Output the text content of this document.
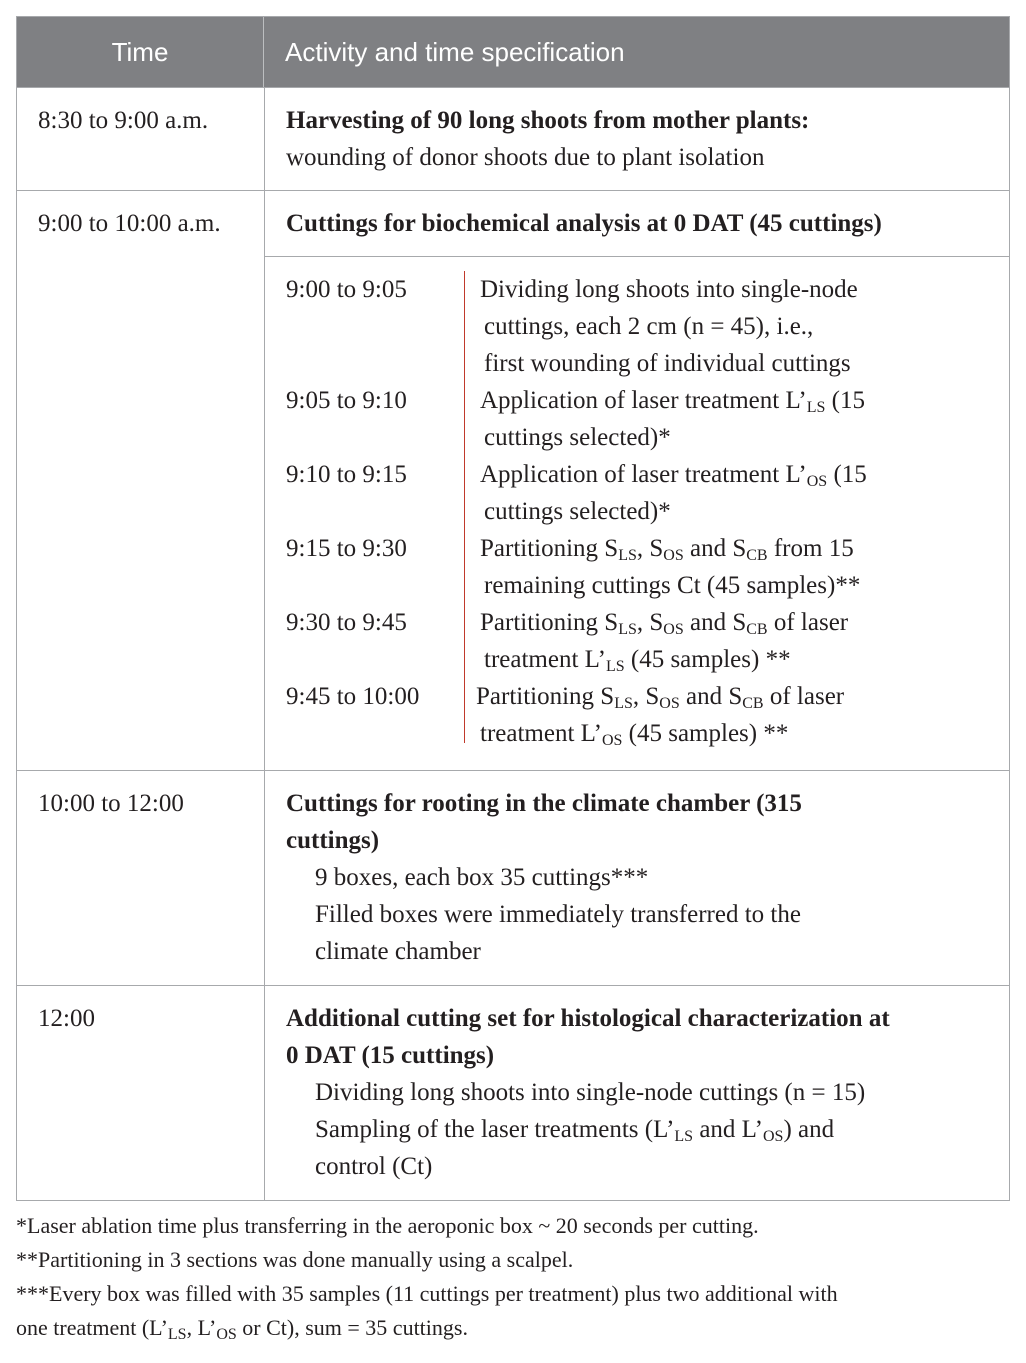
Time	Activity and time specification
8:30 to 9:00 a.m.	Harvesting of 90 long shoots from mother plants:
wounding of donor shoots due to plant isolation
9:00 to 10:00 a.m.	Cuttings for biochemical analysis at 0 DAT (45 cuttings)
9:00 to 9:05	Dividing long shoots into single-node
cuttings, each 2 cm (n = 45), i.e.,
first wounding of individual cuttings
9:05 to 9:10	Application of laser treatment $L’_{LS}$ (15
cuttings selected)*
9:10 to 9:15	Application of laser treatment $L’_{OS}$ (15
cuttings selected)*
9:15 to 9:30	Partitioning $S_{LS}$, $S_{OS}$ and $S_{CB}$ from 15
remaining cuttings Ct (45 samples)**
9:30 to 9:45	Partitioning $S_{LS}$, $S_{OS}$ and $S_{CB}$ of laser
treatment $L’_{LS}$ (45 samples) **
9:45 to 10:00	Partitioning $S_{LS}$, $S_{OS}$ and $S_{CB}$ of laser
treatment $L’_{OS}$ (45 samples) **
10:00 to 12:00	Cuttings for rooting in the climate chamber (315
cuttings)
9 boxes, each box 35 cuttings***
Filled boxes were immediately transferred to the
climate chamber
12:00	Additional cutting set for histological characterization at
0 DAT (15 cuttings)
Dividing long shoots into single-node cuttings (n = 15)
Sampling of the laser treatments ($L’_{LS}$ and $L’_{OS}$) and
control (Ct)

*Laser ablation time plus transferring in the aeroponic box ~ 20 seconds per cutting.

**Partitioning in 3 sections was done manually using a scalpel.

***Every box was filled with 35 samples (11 cuttings per treatment) plus two additional with

one treatment ($L’_{LS}$, $L’_{OS}$ or Ct), sum = 35 cuttings.
